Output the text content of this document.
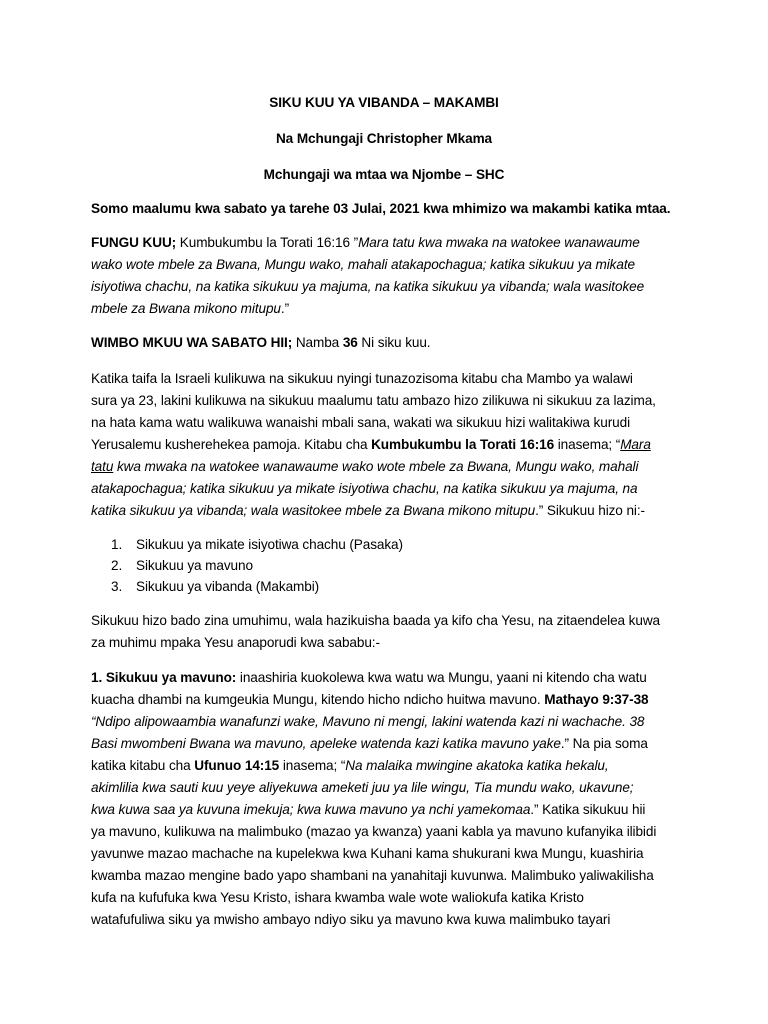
SIKU KUU YA VIBANDA – MAKAMBI
Na Mchungaji Christopher Mkama
Mchungaji wa mtaa wa Njombe – SHC
Somo maalumu kwa sabato ya tarehe 03 Julai, 2021 kwa mhimizo wa makambi katika mtaa.
FUNGU KUU; Kumbukumbu la Torati 16:16 ”Mara tatu kwa mwaka na watokee wanawaume
wako wote mbele za Bwana, Mungu wako, mahali atakapochagua; katika sikukuu ya mikate
isiyotiwa chachu, na katika sikukuu ya majuma, na katika sikukuu ya vibanda; wala wasitokee
mbele za Bwana mikono mitupu.”
WIMBO MKUU WA SABATO HII; Namba 36 Ni siku kuu.
Katika taifa la Israeli kulikuwa na sikukuu nyingi tunazozisoma kitabu cha Mambo ya walawi
sura ya 23, lakini kulikuwa na sikukuu maalumu tatu ambazo hizo zilikuwa ni sikukuu za lazima,
na hata kama watu walikuwa wanaishi mbali sana, wakati wa sikukuu hizi walitakiwa kurudi
Yerusalemu kusherehekea pamoja. Kitabu cha Kumbukumbu la Torati 16:16 inasema; “Mara
tatu kwa mwaka na watokee wanawaume wako wote mbele za Bwana, Mungu wako, mahali
atakapochagua; katika sikukuu ya mikate isiyotiwa chachu, na katika sikukuu ya majuma, na
katika sikukuu ya vibanda; wala wasitokee mbele za Bwana mikono mitupu.” Sikukuu hizo ni:-
1. Sikukuu ya mikate isiyotiwa chachu (Pasaka)
2. Sikukuu ya mavuno
3. Sikukuu ya vibanda (Makambi)
Sikukuu hizo bado zina umuhimu, wala hazikuisha baada ya kifo cha Yesu, na zitaendelea kuwa
za muhimu mpaka Yesu anaporudi kwa sababu:-
1. Sikukuu ya mavuno: inaashiria kuokolewa kwa watu wa Mungu, yaani ni kitendo cha watu
kuacha dhambi na kumgeukia Mungu, kitendo hicho ndicho huitwa mavuno. Mathayo 9:37-38
“Ndipo alipowaambia wanafunzi wake, Mavuno ni mengi, lakini watenda kazi ni wachache. 38
Basi mwombeni Bwana wa mavuno, apeleke watenda kazi katika mavuno yake.” Na pia soma
katika kitabu cha Ufunuo 14:15 inasema; “Na malaika mwingine akatoka katika hekalu,
akimlilia kwa sauti kuu yeye aliyekuwa ameketi juu ya lile wingu, Tia mundu wako, ukavune;
kwa kuwa saa ya kuvuna imekuja; kwa kuwa mavuno ya nchi yamekomaa.” Katika sikukuu hii
ya mavuno, kulikuwa na malimbuko (mazao ya kwanza) yaani kabla ya mavuno kufanyika ilibidi
yavunwe mazao machache na kupelekwa kwa Kuhani kama shukurani kwa Mungu, kuashiria
kwamba mazao mengine bado yapo shambani na yanahitaji kuvunwa. Malimbuko yaliwakilisha
kufa na kufufuka kwa Yesu Kristo, ishara kwamba wale wote waliokufa katika Kristo
watafufuliwa siku ya mwisho ambayo ndiyo siku ya mavuno kwa kuwa malimbuko tayari
